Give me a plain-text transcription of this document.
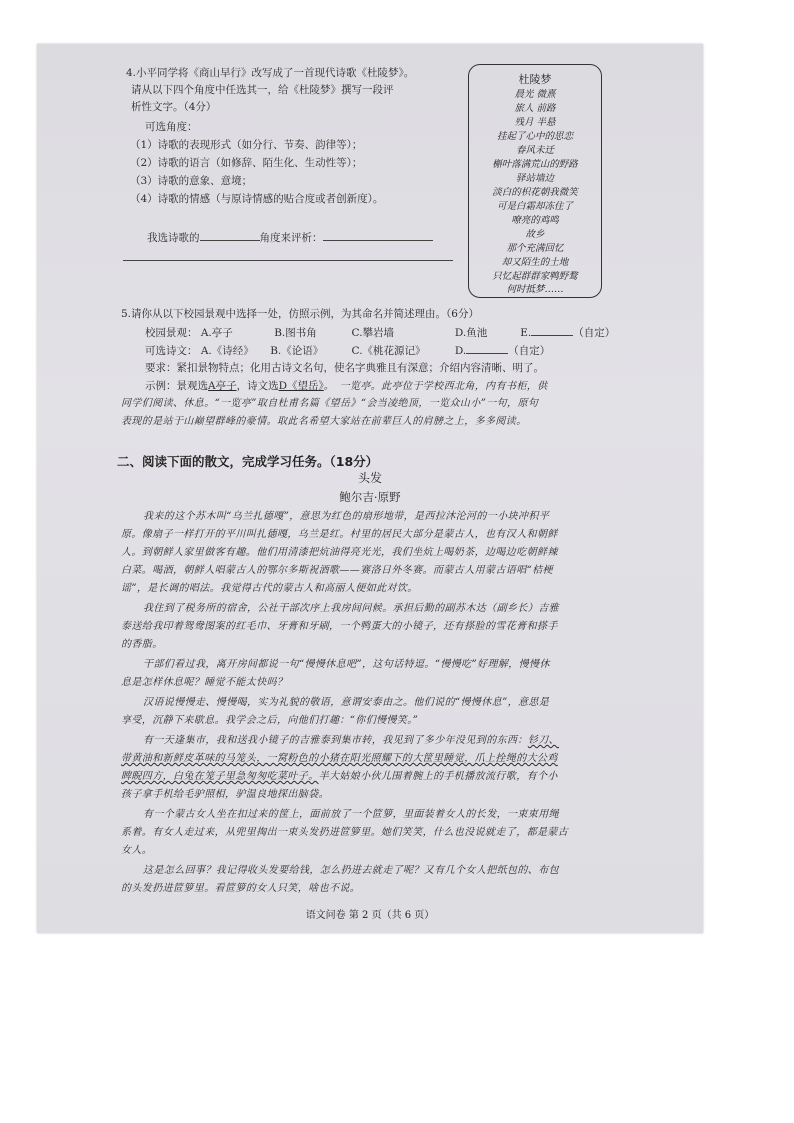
4.小平同学将《商山早行》改写成了一首现代诗歌《杜陵梦》。
请从以下四个角度中任选其一，给《杜陵梦》撰写一段评
析性文字。（4分）
可选角度：
（1）诗歌的表现形式（如分行、节奏、韵律等）；
（2）诗歌的语言（如修辞、陌生化、生动性等）；
（3）诗歌的意象、意境；
（4）诗歌的情感（与原诗情感的贴合度或者创新度）。
我选诗歌的	角度来评析：
杜陵梦
晨光 微熹
旅人 前路
残月 半悬
挂起了心中的思恋
春风未迁
槲叶落满荒山的野路
驿站墙边
淡白的枳花朝我微笑
可是白霜却冻住了
嘹亮的鸡鸣
故乡
那个充满回忆
却又陌生的土地
只忆起群群家鸭野鹜
何时抵梦……
5.请你从以下校园景观中选择一处，仿照示例，为其命名并简述理由。（6分）
校园景观： A.亭子	B.图书角	C.攀岩墙	D.鱼池	E.	（自定）
可选诗文： A.《诗经》 B.《论语》	C.《桃花源记》	D.	（自定）
要求：紧扣景物特点；化用古诗文名句，使名字典雅且有深意；介绍内容清晰、明了。
示例：景观选A亭子，诗文选D《望岳》。　一览亭。此亭位于学校西北角，内有书柜，供
同学们阅读、休息。“一览亭”取自杜甫名篇《望岳》“会当凌绝顶，一览众山小”一句，原句
表现的是站于山巅望群峰的豪情。取此名希望大家站在前辈巨人的肩膀之上，多多阅读。
二、阅读下面的散文，完成学习任务。（18分）
头发
鲍尔吉·原野
我来的这个苏木叫“乌兰扎德嘎”，意思为红色的扇形地带，是西拉沐沦河的一小块冲积平
原。像扇子一样打开的平川叫扎德嘎，乌兰是红。村里的居民大部分是蒙古人，也有汉人和朝鲜
人。到朝鲜人家里做客有趣。他们用清漆把炕油得亮光光，我们坐炕上喝奶茶，边喝边吃朝鲜辣
白菜。喝酒，朝鲜人唱蒙古人的鄂尔多斯祝酒歌——赛洛日外冬赛。而蒙古人用蒙古语唱“桔梗
谣”，是长调的唱法。我觉得古代的蒙古人和高丽人便如此对饮。
我住到了税务所的宿舍，公社干部次序上我房间问候。承担后勤的副苏木达（副乡长）吉雅
泰送给我印着鸳鸯图案的红毛巾、牙膏和牙刷，一个鸭蛋大的小镜子，还有搽脸的雪花膏和搽手
的香脂。
干部们看过我，离开房间都说一句“慢慢休息吧”，这句话特逗。“慢慢吃”好理解，慢慢休
息是怎样休息呢？睡觉不能太快吗？
汉语说慢慢走、慢慢喝，实为礼貌的敬语，意谓安泰由之。他们说的“慢慢休息”，意思是
享受，沉静下来歇息。我学会之后，向他们打趣：“你们慢慢笑。”
有一天逢集市，我和送我小镜子的吉雅泰到集市转，我见到了多少年没见到的东西：钐刀、
带黄油和新鲜皮革味的马笼头，一窝粉色的小猪在阳光照耀下的大筐里睡觉，爪上拴绳的大公鸡
睥睨四方，白兔在笼子里急匆匆吃菜叶子。半大姑娘小伙儿围着腕上的手机播放流行歌，有个小
孩子拿手机给毛驴照相，驴温良地探出脑袋。
有一个蒙古女人坐在扣过来的筐上，面前放了一个笸箩，里面装着女人的长发，一束束用绳
系着。有女人走过来，从兜里掏出一束头发扔进笸箩里。她们笑笑，什么也没说就走了，都是蒙古
女人。
这是怎么回事？我记得收头发要给钱，怎么扔进去就走了呢？又有几个女人把纸包的、布包
的头发扔进笸箩里。看笸箩的女人只笑，啥也不说。
语文问卷 第 2 页（共 6 页）
